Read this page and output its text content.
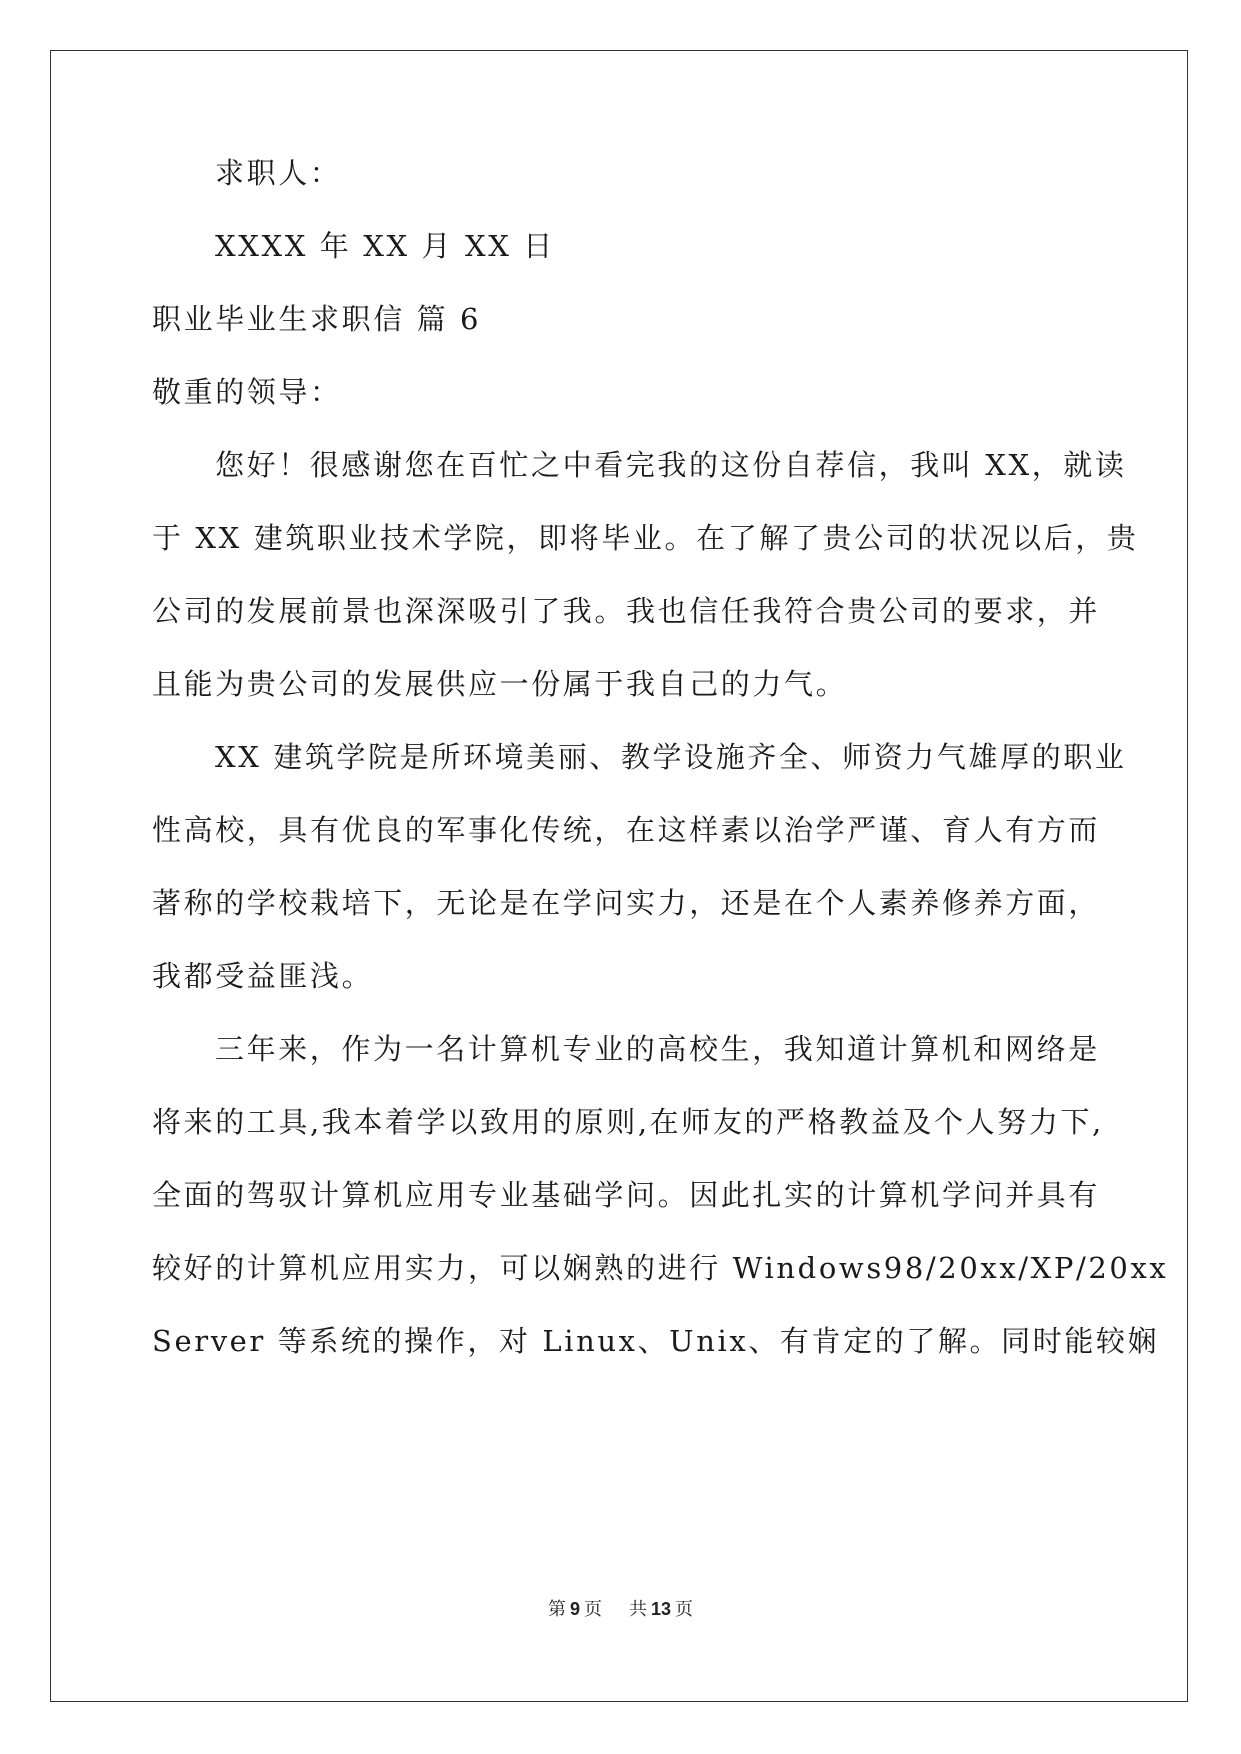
求职人：
XXXX 年 XX 月 XX 日
职业毕业生求职信 篇 6
敬重的领导：
您好！很感谢您在百忙之中看完我的这份自荐信，我叫 XX，就读
于 XX 建筑职业技术学院，即将毕业。在了解了贵公司的状况以后，贵
公司的发展前景也深深吸引了我。我也信任我符合贵公司的要求，并
且能为贵公司的发展供应一份属于我自己的力气。
XX 建筑学院是所环境美丽、教学设施齐全、师资力气雄厚的职业
性高校，具有优良的军事化传统，在这样素以治学严谨、育人有方而
著称的学校栽培下，无论是在学问实力，还是在个人素养修养方面，
我都受益匪浅。
三年来，作为一名计算机专业的高校生，我知道计算机和网络是
将来的工具,我本着学以致用的原则,在师友的严格教益及个人努力下,
全面的驾驭计算机应用专业基础学问。因此扎实的计算机学问并具有
较好的计算机应用实力，可以娴熟的进行 Windows98/20xx/XP/20xx
Server 等系统的操作，对 Linux、Unix、有肯定的了解。同时能较娴
第 9 页 共 13 页
